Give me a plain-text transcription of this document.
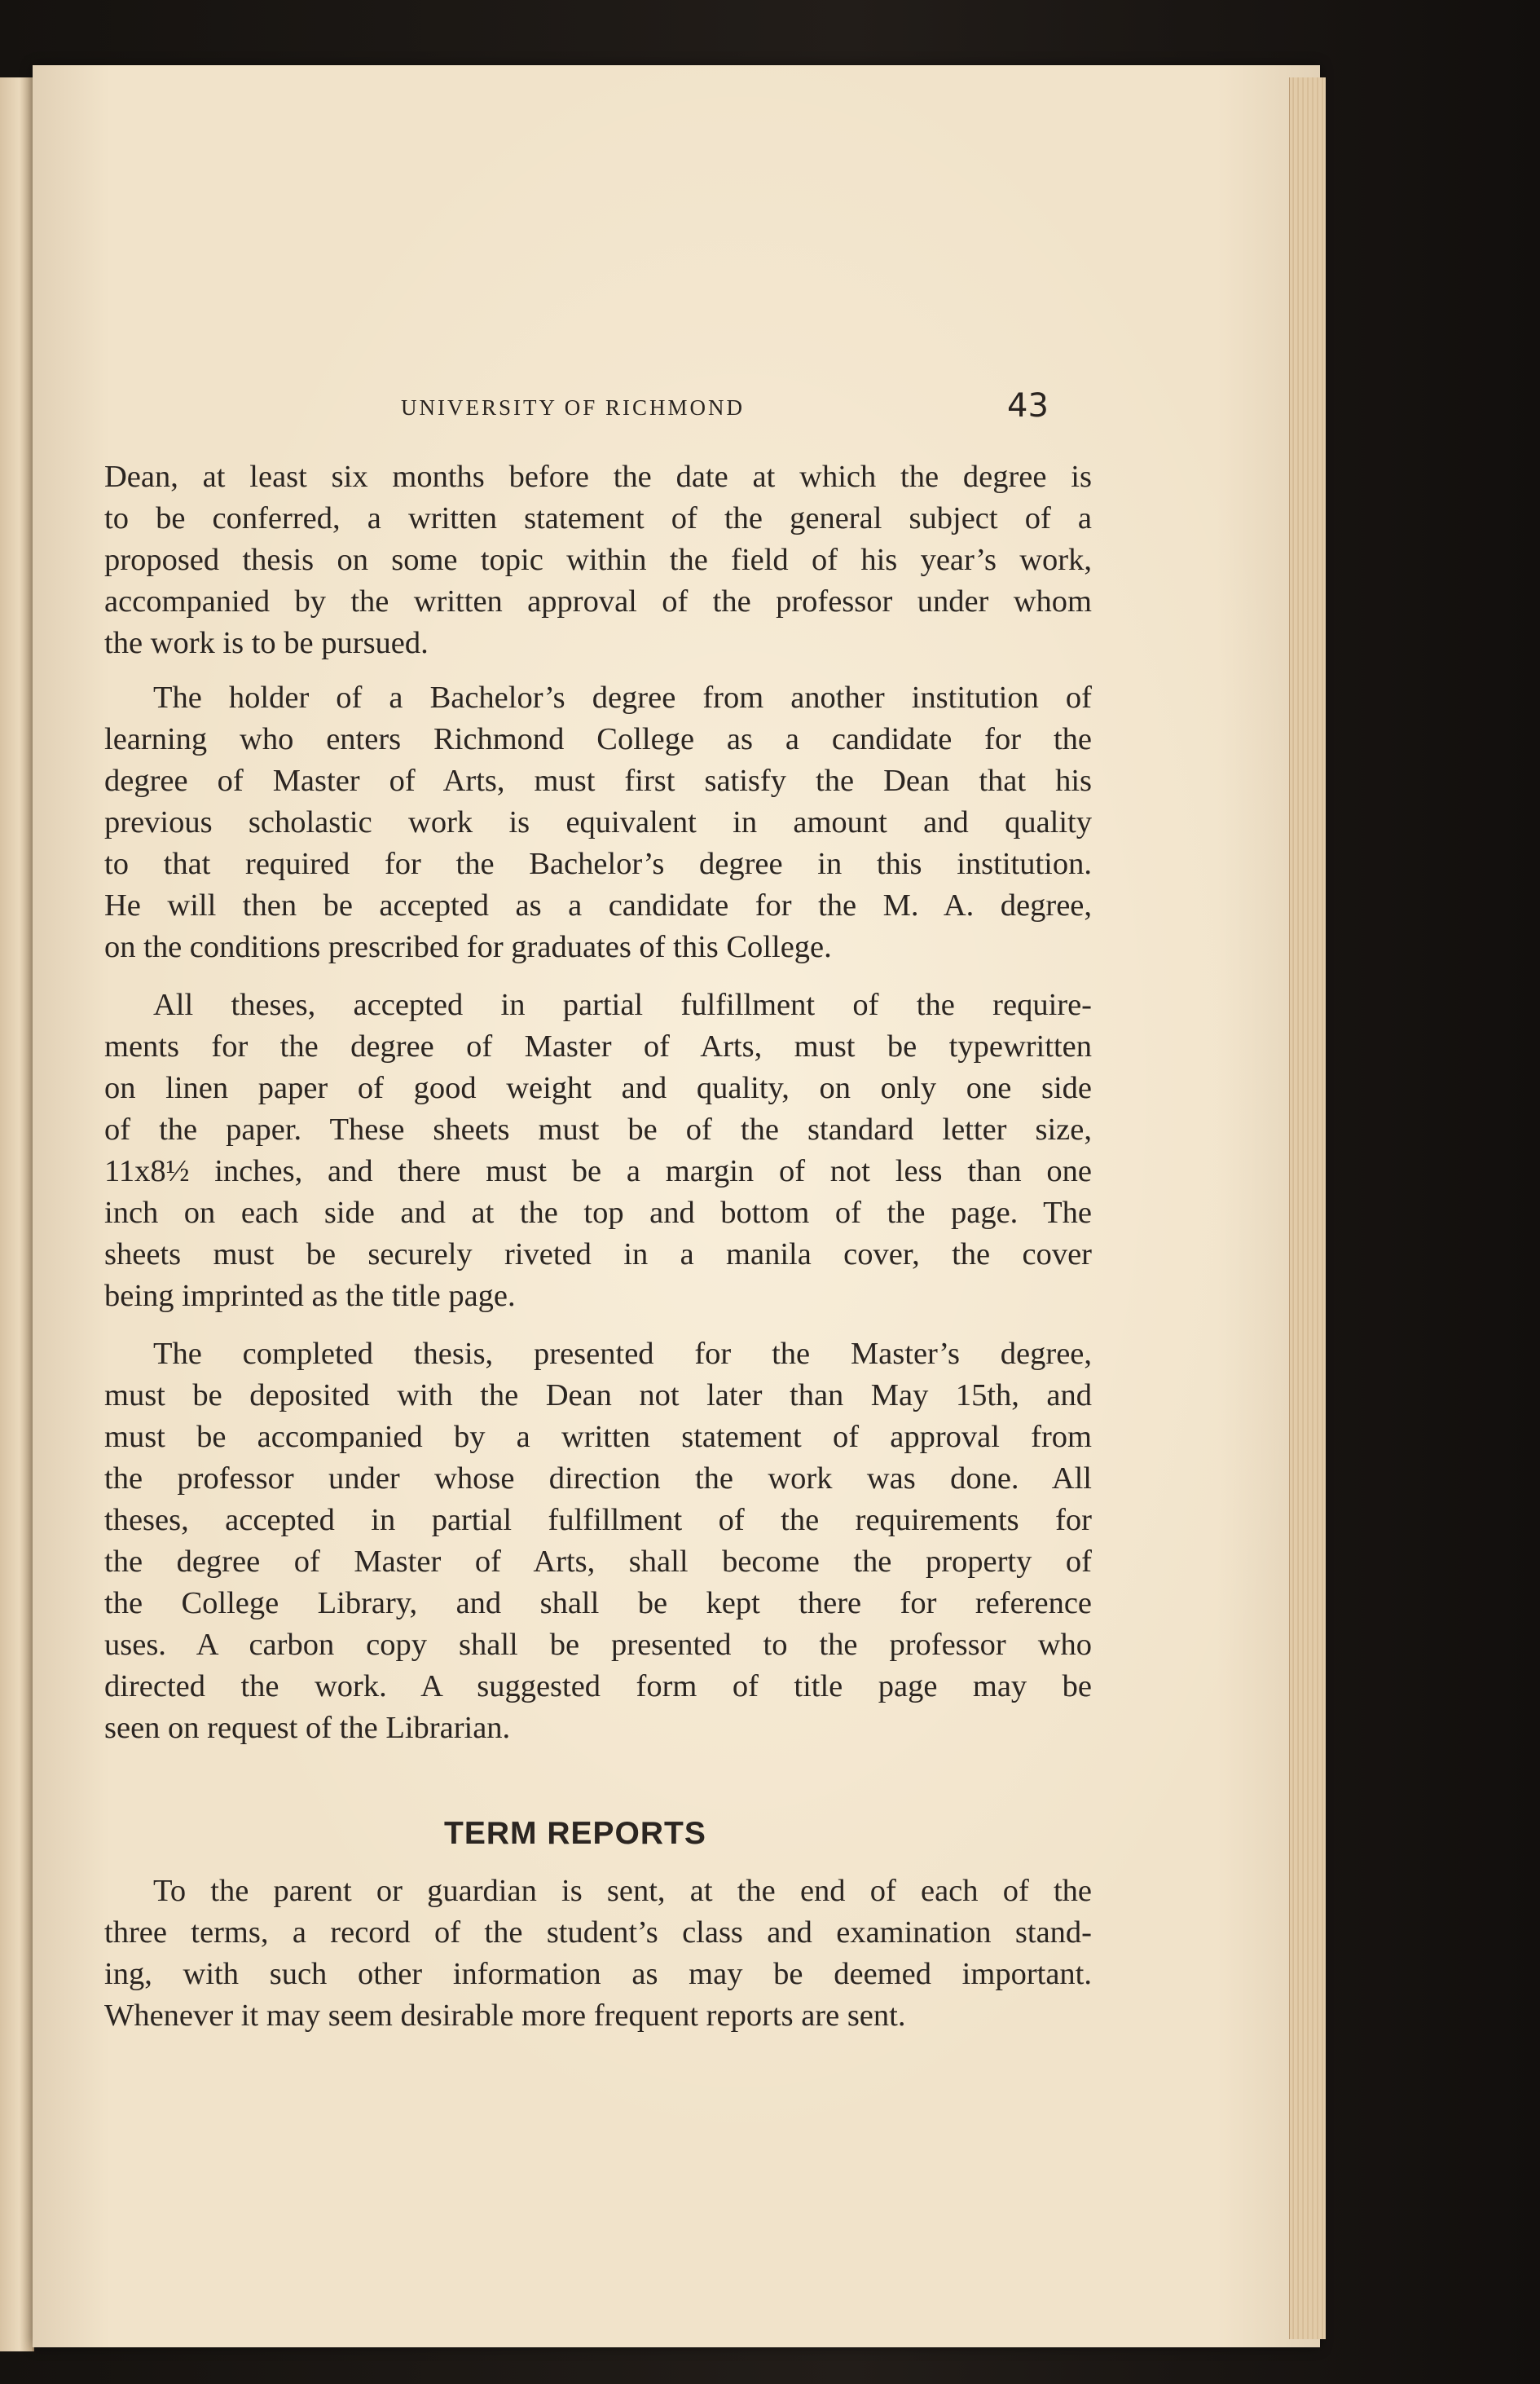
UNIVERSITY OF RICHMOND	43
Dean, at least six months before the date at which the degree is
to be conferred, a written statement of the general subject of a
proposed thesis on some topic within the field of his year’s work,
accompanied by the written approval of the professor under whom
the work is to be pursued.
The holder of a Bachelor’s degree from another institution of
learning who enters Richmond College as a candidate for the
degree of Master of Arts, must first satisfy the Dean that his
previous scholastic work is equivalent in amount and quality
to that required for the Bachelor’s degree in this institution.
He will then be accepted as a candidate for the M. A. degree,
on the conditions prescribed for graduates of this College.
All theses, accepted in partial fulfillment of the require-
ments for the degree of Master of Arts, must be typewritten
on linen paper of good weight and quality, on only one side
of the paper. These sheets must be of the standard letter size,
11x8½ inches, and there must be a margin of not less than one
inch on each side and at the top and bottom of the page. The
sheets must be securely riveted in a manila cover, the cover
being imprinted as the title page.
The completed thesis, presented for the Master’s degree,
must be deposited with the Dean not later than May 15th, and
must be accompanied by a written statement of approval from
the professor under whose direction the work was done. All
theses, accepted in partial fulfillment of the requirements for
the degree of Master of Arts, shall become the property of
the College Library, and shall be kept there for reference
uses. A carbon copy shall be presented to the professor who
directed the work. A suggested form of title page may be
seen on request of the Librarian.
TERM REPORTS
To the parent or guardian is sent, at the end of each of the
three terms, a record of the student’s class and examination stand-
ing, with such other information as may be deemed important.
Whenever it may seem desirable more frequent reports are sent.
